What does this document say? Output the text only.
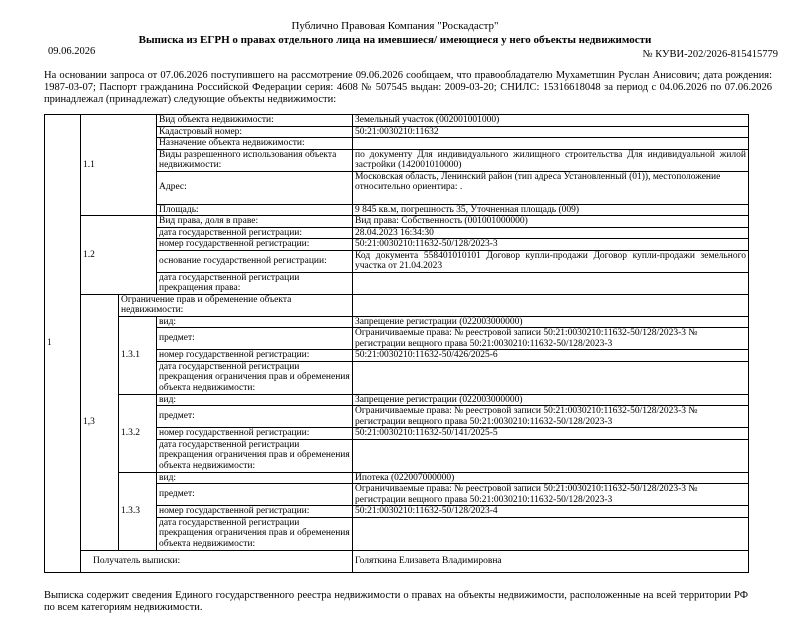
Публично Правовая Компания "Роскадастр"
Выписка из ЕГРН о правах отдельного лица на имевшиеся/ имеющиеся у него объекты недвижимости
09.06.2026	№ КУВИ-202/2026-815415779
На основании запроса от 07.06.2026 поступившего на рассмотрение 09.06.2026 сообщаем, что правообладателю Мухаметшин Руслан Анисович; дата рождения: 1987-03-07; Паспорт гражданина Российской Федерации серия: 4608 № 507545 выдан: 2009-03-20; СНИЛС: 15316618048 за период с 04.06.2026 по 07.06.2026 принадлежал (принадлежат) следующие объекты недвижимости:
1	1.1		Вид объекта недвижимости:	Земельный участок (002001001000)
			Кадастровый номер:	50:21:0030210:11632
			Назначение объекта недвижимости:	
			Виды разрешенного использования объекта недвижимости:	по документу Для индивидуального жилищного строительства Для индивидуальной жилой застройки (142001010000)
			Адрес:	Московская область, Ленинский район (тип адреса Установленный (01)), местоположение относительно ориентира: .
			Площадь:	9 845 кв.м, погрешность 35, Уточненная площадь (009)
	1.2		Вид права, доля в праве:	Вид права: Собственность (001001000000)
			дата государственной регистрации:	28.04.2023 16:34:30
			номер государственной регистрации:	50:21:0030210:11632-50/128/2023-3
			основание государственной регистрации:	Код документа 558401010101 Договор купли-продажи Договор купли-продажи земельного участка от 21.04.2023
			дата государственной регистрации прекращения права:	
	1,3	Ограничение прав и обременение объекта недвижимости:		
		1.3.1	вид:	Запрещение регистрации (022003000000)
			предмет:	Ограничиваемые права: № реестровой записи 50:21:0030210:11632-50/128/2023-3 № регистрации вещного права 50:21:0030210:11632-50/128/2023-3
			номер государственной регистрации:	50:21:0030210:11632-50/426/2025-6
			дата государственной регистрации прекращения ограничения прав и обременения объекта недвижимости:	
		1.3.2	вид:	Запрещение регистрации (022003000000)
			предмет:	Ограничиваемые права: № реестровой записи 50:21:0030210:11632-50/128/2023-3 № регистрации вещного права 50:21:0030210:11632-50/128/2023-3
			номер государственной регистрации:	50:21:0030210:11632-50/141/2025-5
			дата государственной регистрации прекращения ограничения прав и обременения объекта недвижимости:	
		1.3.3	вид:	Ипотека (022007000000)
			предмет:	Ограничиваемые права: № реестровой записи 50:21:0030210:11632-50/128/2023-3 № регистрации вещного права 50:21:0030210:11632-50/128/2023-3
			номер государственной регистрации:	50:21:0030210:11632-50/128/2023-4
			дата государственной регистрации прекращения ограничения прав и обременения объекта недвижимости:	
	Получатель выписки:			Голяткина Елизавета Владимировна
Выписка содержит сведения Единого государственного реестра недвижимости о правах на объекты недвижимости, расположенные на всей территории РФ по всем категориям недвижимости.
